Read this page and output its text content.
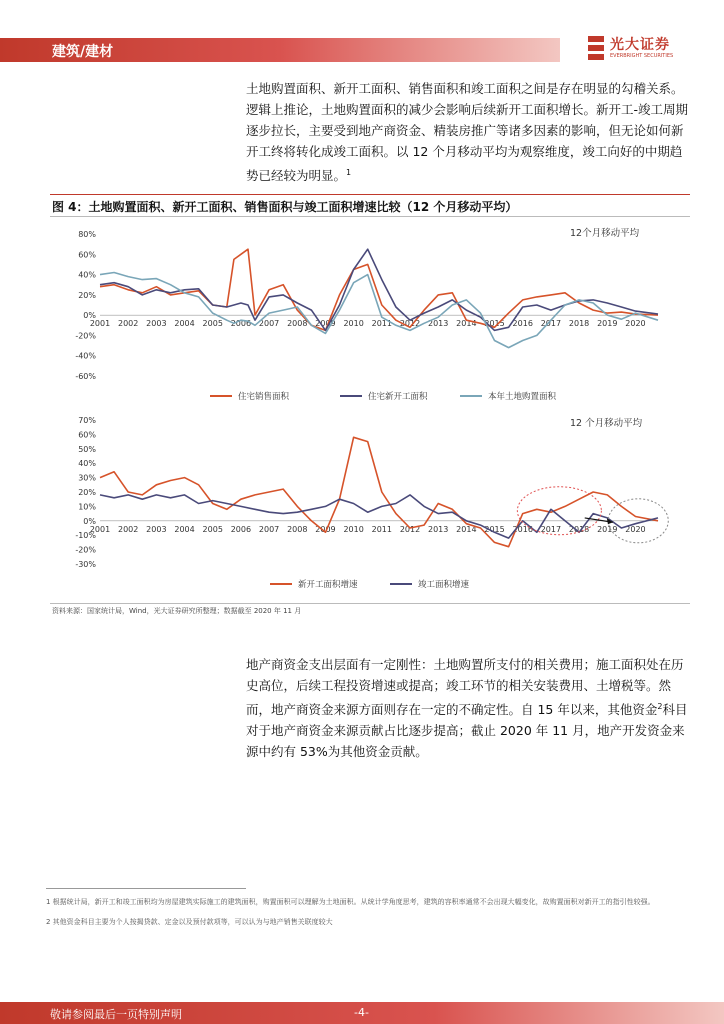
建筑/建材	光大证券
EVERBRIGHT SECURITIES
土地购置面积、新开工面积、销售面积和竣工面积之间是存在明显的勾稽关系。逻辑上推论，土地购置面积的减少会影响后续新开工面积增长。新开工-竣工周期逐步拉长，主要受到地产商资金、精装房推广等诸多因素的影响，但无论如何新开工终将转化成竣工面积。以 12 个月移动平均为观察维度，竣工向好的中期趋势已经较为明显。$^1$
图 4：土地购置面积、新开工面积、销售面积与竣工面积增速比较（12 个月移动平均）
80%
60%
40%
20%
0%
-20%
-40%
-60%
2001 2002 2003 2004 2005 2006 2007 2008 2009 2010 2011 2012 2013 2014 2015 2016 2017 2018 2019 2020
12个月移动平均
住宅销售面积	住宅新开工面积	本年土地购置面积
70%
60%
50%
40%
30%
20%
10%
0%
-10%
-20%
-30%
2001 2002 2003 2004 2005 2006 2007 2008 2009 2010 2011 2012 2013 2014 2015 2016 2017 2018 2019 2020
12 个月移动平均
新开工面积增速	竣工面积增速
资料来源：国家统计局，Wind，光大证券研究所整理；数据截至 2020 年 11 月
地产商资金支出层面有一定刚性：土地购置所支付的相关费用；施工面积处在历史高位，后续工程投资增速或提高；竣工环节的相关安装费用、土增税等。然而，地产商资金来源方面则存在一定的不确定性。自 15 年以来，其他资金$^2$科目对于地产商资金来源贡献占比逐步提高；截止 2020 年 11 月，地产开发资金来源中约有 53%为其他资金贡献。
1 根据统计局，新开工和竣工面积均为房屋建筑实际施工的建筑面积，购置面积可以理解为土地面积。从统计学角度思考，建筑的容积率通常不会出现大幅变化，故购置面积对新开工的指引性较强。
2 其他资金科目主要为个人按揭贷款、定金以及预付款项等，可以认为与地产销售关联度较大
敬请参阅最后一页特别声明	-4-
